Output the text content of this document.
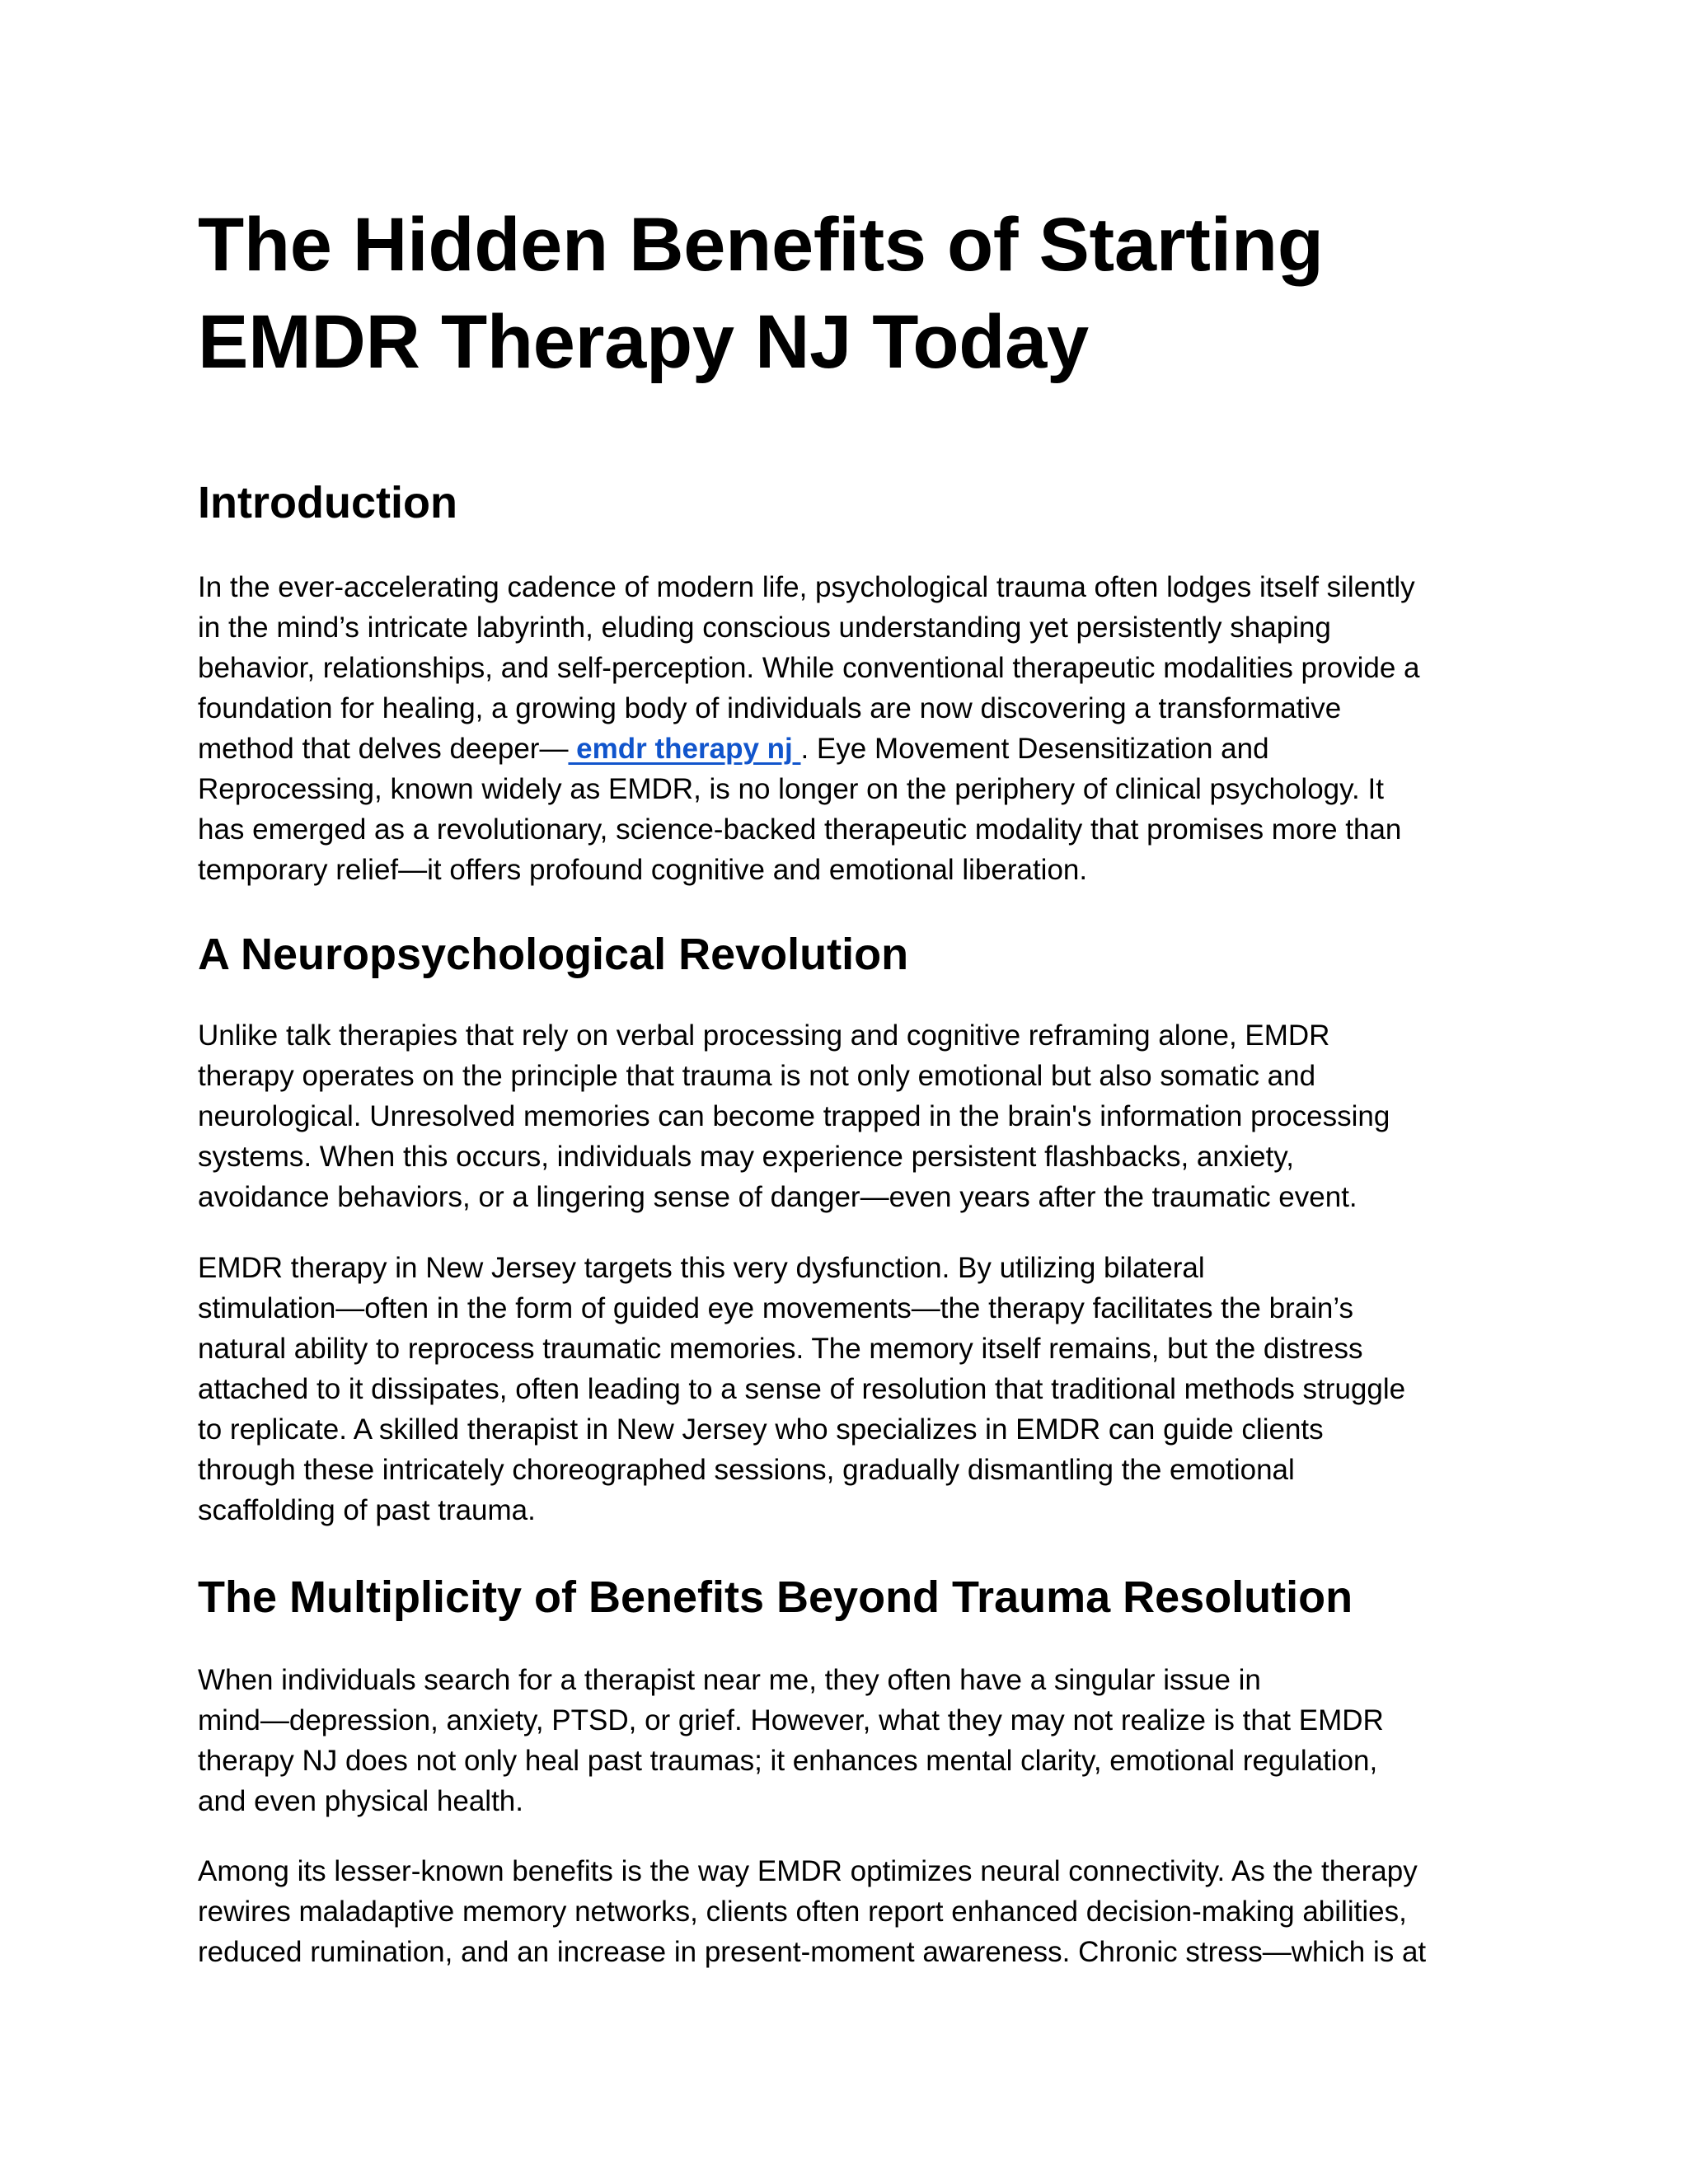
The Hidden Benefits of Starting
EMDR Therapy NJ Today
Introduction

In the ever-accelerating cadence of modern life, psychological trauma often lodges itself silently
in the mind’s intricate labyrinth, eluding conscious understanding yet persistently shaping
behavior, relationships, and self-perception. While conventional therapeutic modalities provide a
foundation for healing, a growing body of individuals are now discovering a transformative
method that delves deeper— emdr therapy nj . Eye Movement Desensitization and
Reprocessing, known widely as EMDR, is no longer on the periphery of clinical psychology. It
has emerged as a revolutionary, science-backed therapeutic modality that promises more than
temporary relief—it offers profound cognitive and emotional liberation.

A Neuropsychological Revolution

Unlike talk therapies that rely on verbal processing and cognitive reframing alone, EMDR
therapy operates on the principle that trauma is not only emotional but also somatic and
neurological. Unresolved memories can become trapped in the brain's information processing
systems. When this occurs, individuals may experience persistent flashbacks, anxiety,
avoidance behaviors, or a lingering sense of danger—even years after the traumatic event.

EMDR therapy in New Jersey targets this very dysfunction. By utilizing bilateral
stimulation—often in the form of guided eye movements—the therapy facilitates the brain’s
natural ability to reprocess traumatic memories. The memory itself remains, but the distress
attached to it dissipates, often leading to a sense of resolution that traditional methods struggle
to replicate. A skilled therapist in New Jersey who specializes in EMDR can guide clients
through these intricately choreographed sessions, gradually dismantling the emotional
scaffolding of past trauma.

The Multiplicity of Benefits Beyond Trauma Resolution

When individuals search for a therapist near me, they often have a singular issue in
mind—depression, anxiety, PTSD, or grief. However, what they may not realize is that EMDR
therapy NJ does not only heal past traumas; it enhances mental clarity, emotional regulation,
and even physical health.

Among its lesser-known benefits is the way EMDR optimizes neural connectivity. As the therapy
rewires maladaptive memory networks, clients often report enhanced decision-making abilities,
reduced rumination, and an increase in present-moment awareness. Chronic stress—which is at
